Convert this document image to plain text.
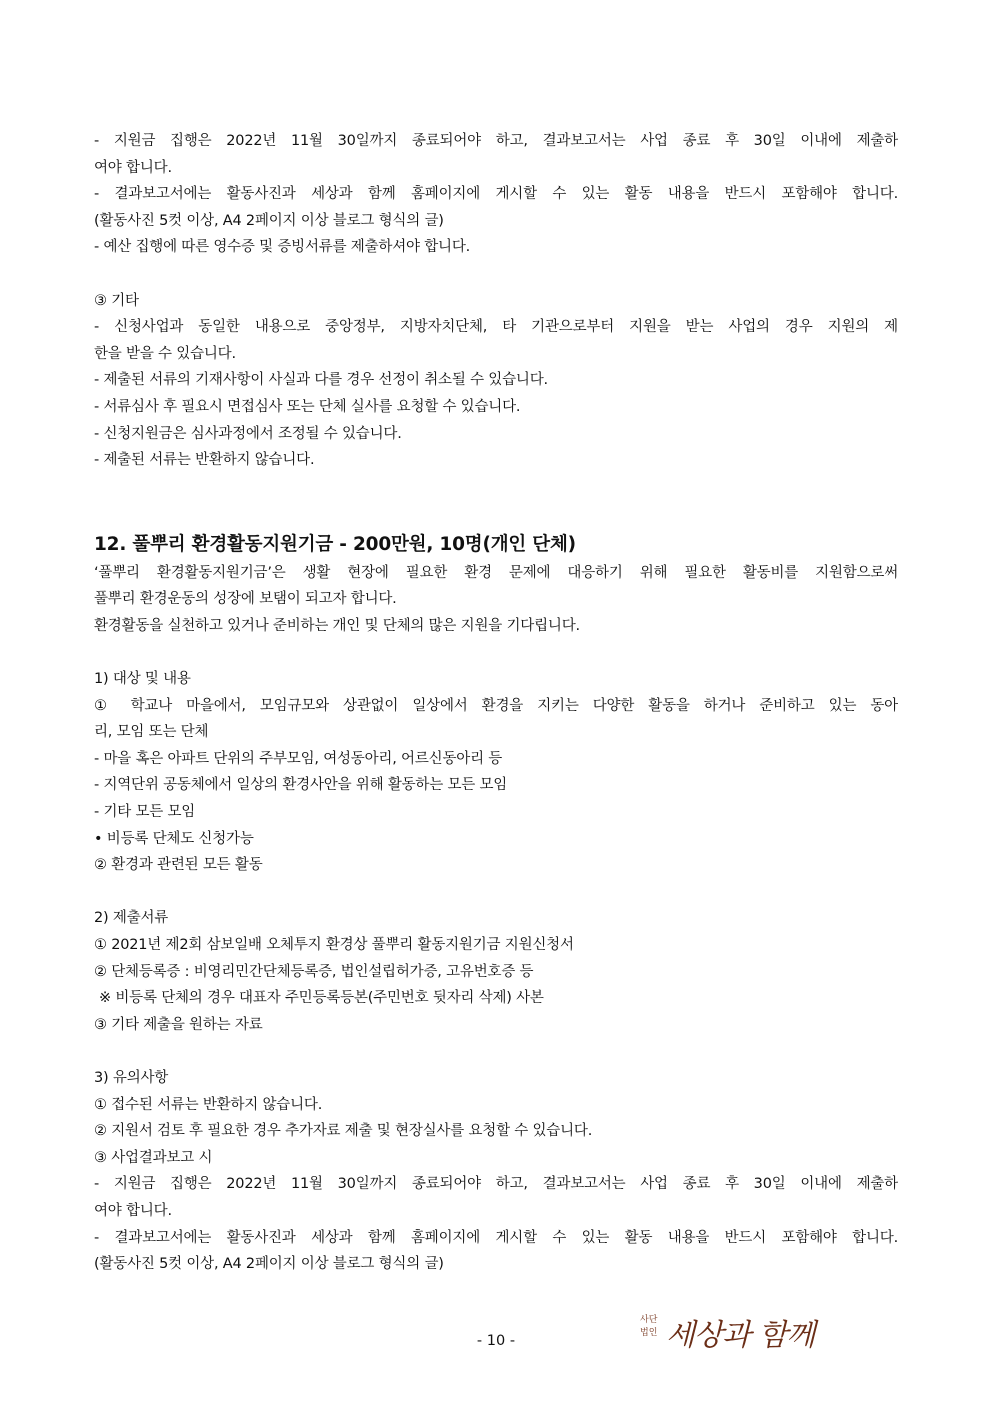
- 지원금 집행은 2022년 11월 30일까지 종료되어야 하고, 결과보고서는 사업 종료 후 30일 이내에 제출하
여야 합니다.
- 결과보고서에는 활동사진과 세상과 함께 홈페이지에 게시할 수 있는 활동 내용을 반드시 포함해야 합니다.
(활동사진 5컷 이상, A4 2페이지 이상 블로그 형식의 글)
- 예산 집행에 따른 영수증 및 증빙서류를 제출하셔야 합니다.
③ 기타
- 신청사업과 동일한 내용으로 중앙정부, 지방자치단체, 타 기관으로부터 지원을 받는 사업의 경우 지원의 제
한을 받을 수 있습니다.
- 제출된 서류의 기재사항이 사실과 다를 경우 선정이 취소될 수 있습니다.
- 서류심사 후 필요시 면접심사 또는 단체 실사를 요청할 수 있습니다.
- 신청지원금은 심사과정에서 조정될 수 있습니다.
- 제출된 서류는 반환하지 않습니다.
12. 풀뿌리 환경활동지원기금 - 200만원, 10명(개인 단체)
‘풀뿌리 환경활동지원기금’은 생활 현장에 필요한 환경 문제에 대응하기 위해 필요한 활동비를 지원함으로써
풀뿌리 환경운동의 성장에 보탬이 되고자 합니다.
환경활동을 실천하고 있거나 준비하는 개인 및 단체의 많은 지원을 기다립니다.
1) 대상 및 내용
① 학교나 마을에서, 모임규모와 상관없이 일상에서 환경을 지키는 다양한 활동을 하거나 준비하고 있는 동아
리, 모임 또는 단체
- 마을 혹은 아파트 단위의 주부모임, 여성동아리, 어르신동아리 등
- 지역단위 공동체에서 일상의 환경사안을 위해 활동하는 모든 모임
- 기타 모든 모임
• 비등록 단체도 신청가능
② 환경과 관련된 모든 활동
2) 제출서류
① 2021년 제2회 삼보일배 오체투지 환경상 풀뿌리 활동지원기금 지원신청서
② 단체등록증 : 비영리민간단체등록증, 법인설립허가증, 고유번호증 등
※ 비등록 단체의 경우 대표자 주민등록등본(주민번호 뒷자리 삭제) 사본
③ 기타 제출을 원하는 자료
3) 유의사항
① 접수된 서류는 반환하지 않습니다.
② 지원서 검토 후 필요한 경우 추가자료 제출 및 현장실사를 요청할 수 있습니다.
③ 사업결과보고 시
- 지원금 집행은 2022년 11월 30일까지 종료되어야 하고, 결과보고서는 사업 종료 후 30일 이내에 제출하
여야 합니다.
- 결과보고서에는 활동사진과 세상과 함께 홈페이지에 게시할 수 있는 활동 내용을 반드시 포함해야 합니다.
(활동사진 5컷 이상, A4 2페이지 이상 블로그 형식의 글)
- 10 -
사단
법인 세상과 함께
